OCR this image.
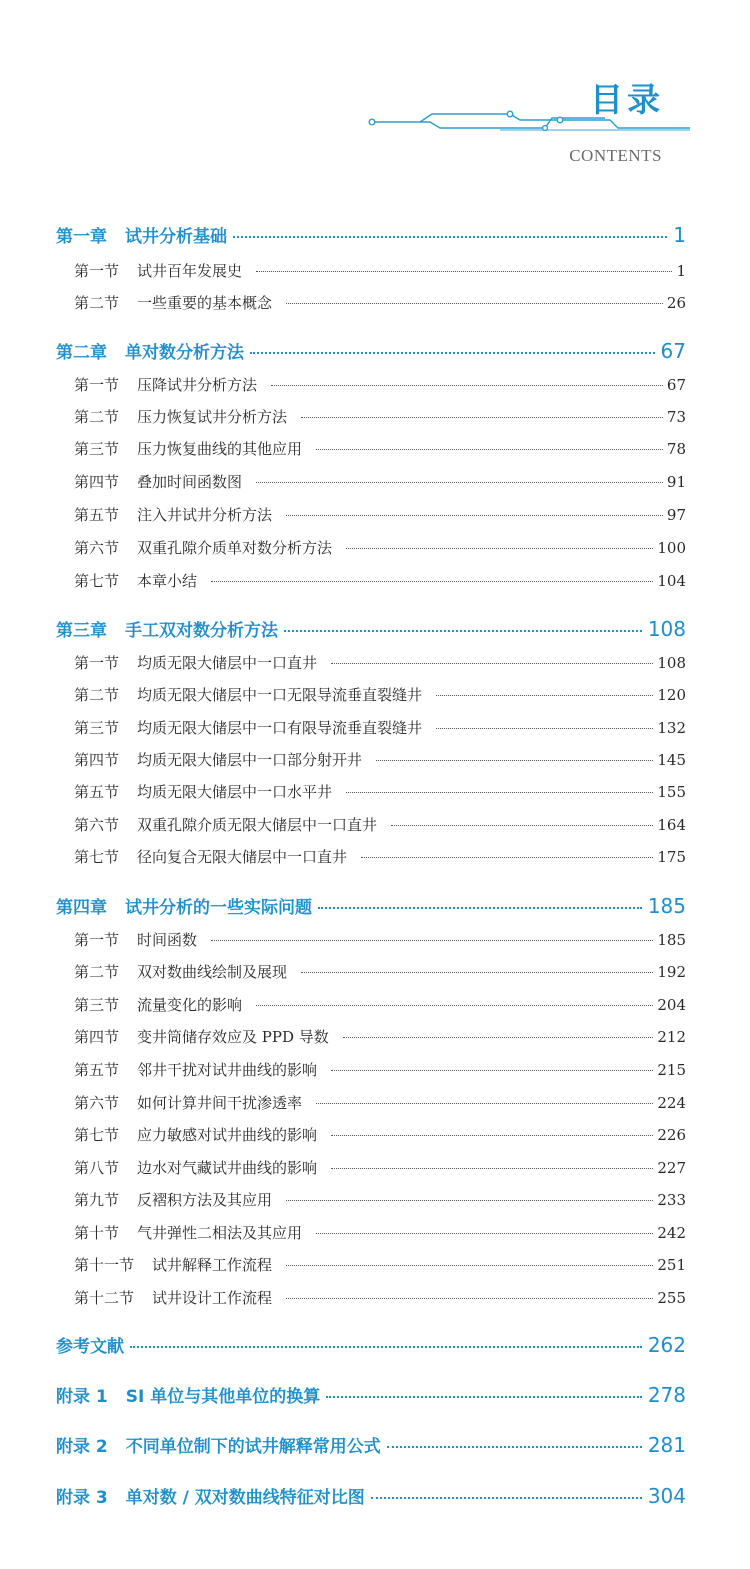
目录
CONTENTS
第一章 试井分析基础	1
第一节 试井百年发展史	1
第二节 一些重要的基本概念	26
第二章 单对数分析方法	67
第一节 压降试井分析方法	67
第二节 压力恢复试井分析方法	73
第三节 压力恢复曲线的其他应用	78
第四节 叠加时间函数图	91
第五节 注入井试井分析方法	97
第六节 双重孔隙介质单对数分析方法	100
第七节 本章小结	104
第三章 手工双对数分析方法	108
第一节 均质无限大储层中一口直井	108
第二节 均质无限大储层中一口无限导流垂直裂缝井	120
第三节 均质无限大储层中一口有限导流垂直裂缝井	132
第四节 均质无限大储层中一口部分射开井	145
第五节 均质无限大储层中一口水平井	155
第六节 双重孔隙介质无限大储层中一口直井	164
第七节 径向复合无限大储层中一口直井	175
第四章 试井分析的一些实际问题	185
第一节 时间函数	185
第二节 双对数曲线绘制及展现	192
第三节 流量变化的影响	204
第四节 变井筒储存效应及 PPD 导数	212
第五节 邻井干扰对试井曲线的影响	215
第六节 如何计算井间干扰渗透率	224
第七节 应力敏感对试井曲线的影响	226
第八节 边水对气藏试井曲线的影响	227
第九节 反褶积方法及其应用	233
第十节 气井弹性二相法及其应用	242
第十一节 试井解释工作流程	251
第十二节 试井设计工作流程	255
参考文献	262
附录 1 SI 单位与其他单位的换算	278
附录 2 不同单位制下的试井解释常用公式	281
附录 3 单对数 / 双对数曲线特征对比图	304
